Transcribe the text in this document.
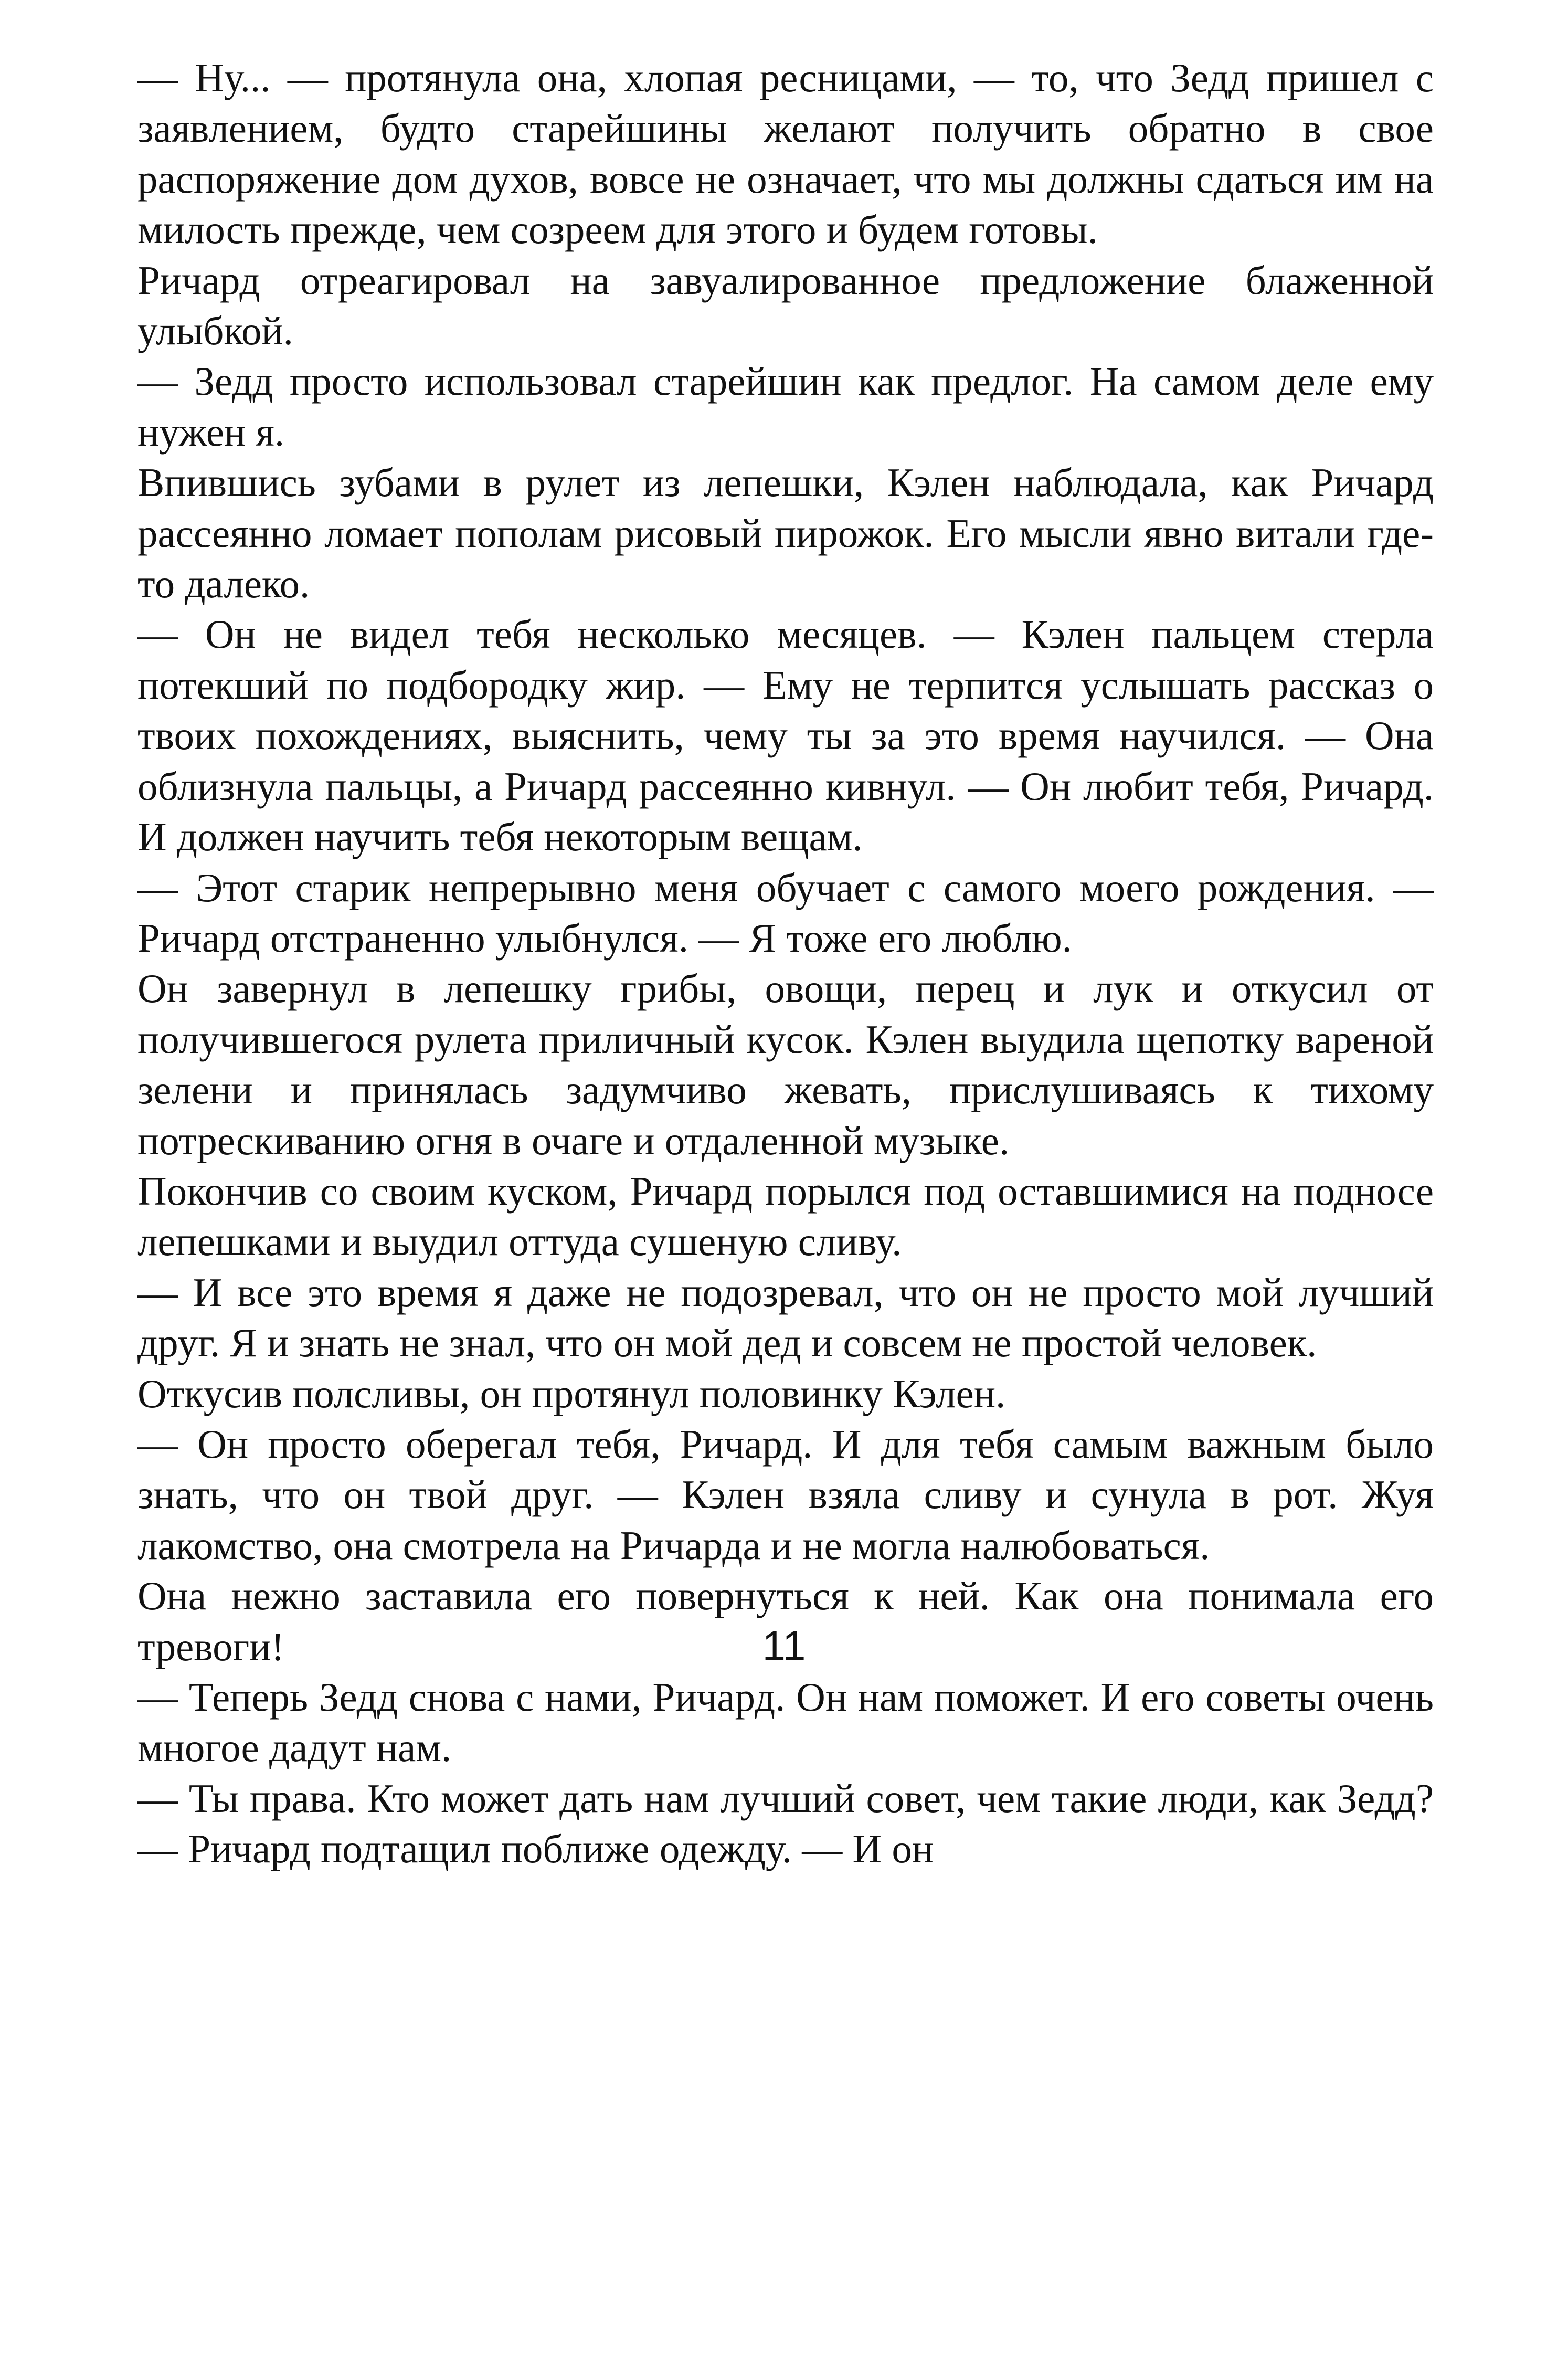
— Ну... — протянула она, хлопая ресницами, — то, что Зедд пришел с заявлением, будто старейшины желают получить обратно в свое распоряжение дом духов, вовсе не означает, что мы должны сдаться им на милость прежде, чем созреем для этого и будем готовы.

Ричард отреагировал на завуалированное предложение блаженной улыбкой.

— Зедд просто использовал старейшин как предлог. На самом деле ему нужен я.

Впившись зубами в рулет из лепешки, Кэлен наблюдала, как Ричард рассеянно ломает пополам рисовый пирожок. Его мысли явно витали где-то далеко.

— Он не видел тебя несколько месяцев. — Кэлен пальцем стерла потекший по подбородку жир. — Ему не терпится услышать рассказ о твоих похождениях, выяснить, чему ты за это время научился. — Она облизнула пальцы, а Ричард рассеянно кивнул. — Он любит тебя, Ричард. И должен научить тебя некоторым вещам.

— Этот старик непрерывно меня обучает с самого моего рождения. — Ричард отстраненно улыбнулся. — Я тоже его люблю.

Он завернул в лепешку грибы, овощи, перец и лук и откусил от получившегося рулета приличный кусок. Кэлен выудила щепотку вареной зелени и принялась задумчиво жевать, прислушиваясь к тихому потрескиванию огня в очаге и отдаленной музыке.

Покончив со своим куском, Ричард порылся под оставшимися на подносе лепешками и выудил оттуда сушеную сливу.

— И все это время я даже не подозревал, что он не просто мой лучший друг. Я и знать не знал, что он мой дед и совсем не простой человек.

Откусив полсливы, он протянул половинку Кэлен.

— Он просто оберегал тебя, Ричард. И для тебя самым важным было знать, что он твой друг. — Кэлен взяла сливу и сунула в рот. Жуя лакомство, она смотрела на Ричарда и не могла налюбоваться.

Она нежно заставила его повернуться к ней. Как она понимала его тревоги!

— Теперь Зедд снова с нами, Ричард. Он нам поможет. И его советы очень многое дадут нам.

— Ты права. Кто может дать нам лучший совет, чем такие люди, как Зедд? — Ричард подтащил поближе одежду. — И он

11
